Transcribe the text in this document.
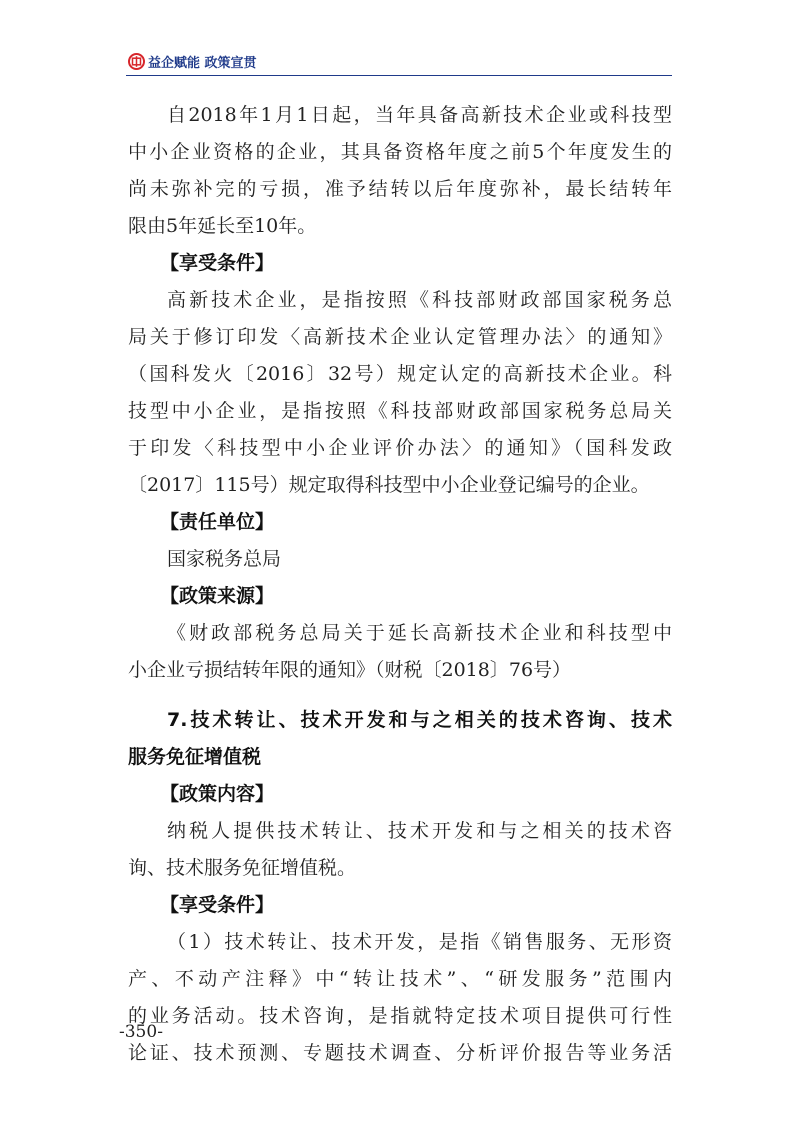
益企赋能 政策宣贯
自2018年1月1日起，当年具备高新技术企业或科技型
中小企业资格的企业，其具备资格年度之前5个年度发生的
尚未弥补完的亏损，准予结转以后年度弥补，最长结转年
限由5年延长至10年。
【享受条件】
高新技术企业，是指按照《科技部财政部国家税务总
局关于修订印发〈高新技术企业认定管理办法〉的通知》
（国科发火〔2016〕32号）规定认定的高新技术企业。科
技型中小企业，是指按照《科技部财政部国家税务总局关
于印发〈科技型中小企业评价办法〉的通知》（国科发政
〔2017〕115号）规定取得科技型中小企业登记编号的企业。
【责任单位】
国家税务总局
【政策来源】
《财政部税务总局关于延长高新技术企业和科技型中
小企业亏损结转年限的通知》（财税〔2018〕76号）
7.技术转让、技术开发和与之相关的技术咨询、技术
服务免征增值税
【政策内容】
纳税人提供技术转让、技术开发和与之相关的技术咨
询、技术服务免征增值税。
【享受条件】
（1）技术转让、技术开发，是指《销售服务、无形资
产、不动产注释》中“转让技术”、“研发服务”范围内
的业务活动。技术咨询，是指就特定技术项目提供可行性
论证、技术预测、专题技术调查、分析评价报告等业务活
-350-
